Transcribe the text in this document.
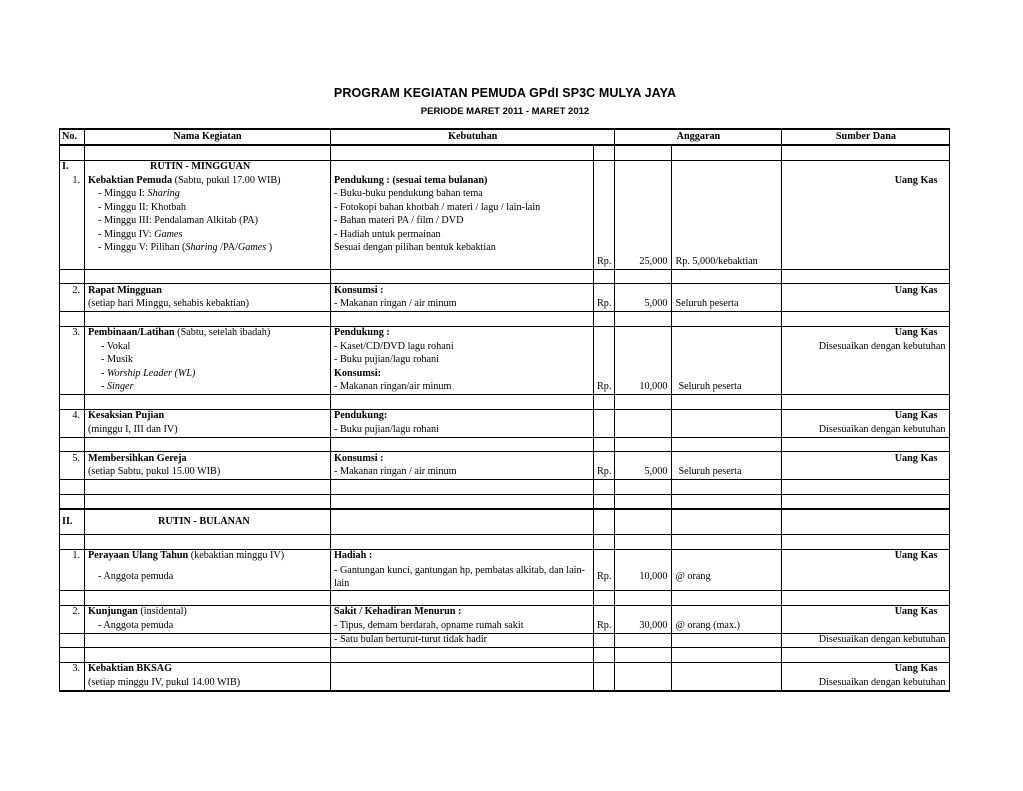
PROGRAM KEGIATAN PEMUDA GPdI SP3C MULYA JAYA
PERIODE MARET 2011 - MARET 2012
No.	Nama Kegiatan	Kebutuhan		Anggaran		Sumber Dana

I.	RUTIN - MINGGUAN					
1.	Kebaktian Pemuda (Sabtu, pukul 17.00 WIB)	Pendukung : (sesuai tema bulanan)				Uang Kas
	- Minggu I: Sharing	- Buku-buku pendukung bahan tema				
	- Minggu II: Khotbah	- Fotokopi bahan khotbah / materi / lagu / lain-lain				
	- Minggu III: Pendalaman Alkitab (PA)	- Bahan materi PA / film / DVD				
	- Minggu IV: Games	- Hadiah untuk permainan				
	- Minggu V: Pilihan (Sharing /PA/Games )	Sesuai dengan pilihan bentuk kebaktian				
			Rp.	25,000	Rp. 5,000/kebaktian	

2.	Rapat Mingguan	Konsumsi :				Uang Kas
	(setiap hari Minggu, sehabis kebaktian)	- Makanan ringan / air minum	Rp.	5,000	Seluruh peserta	

3.	Pembinaan/Latihan (Sabtu, setelah ibadah)	Pendukung :				Uang Kas
	- Vokal	- Kaset/CD/DVD lagu rohani				Disesuaikan dengan kebutuhan
	- Musik	- Buku pujian/lagu rohani				
	- Worship Leader (WL)	Konsumsi:				
	- Singer	- Makanan ringan/air minum	Rp.	10,000	Seluruh peserta	

4.	Kesaksian Pujian	Pendukung:				Uang Kas
	(minggu I, III dan IV)	- Buku pujian/lagu rohani				Disesuaikan dengan kebutuhan

5.	Membersihkan Gereja	Konsumsi :				Uang Kas
	(setiap Sabtu, pukul 15.00 WIB)	- Makanan ringan / air minum	Rp.	5,000	Seluruh peserta	

II.	RUTIN - BULANAN					

1.	Perayaan Ulang Tahun (kebaktian minggu IV)	Hadiah :				Uang Kas
	- Anggota pemuda	- Gantungan kunci, gantungan hp, pembatas alkitab, dan lain-lain	Rp.	10,000	@ orang	

2.	Kunjungan (insidental)	Sakit / Kehadiran Menurun :				Uang Kas
	- Anggota pemuda	- Tipus, demam berdarah, opname rumah sakit	Rp.	30,000	@ orang (max.)	
		- Satu bulan berturut-turut tidak hadir				Disesuaikan dengan kebutuhan

3.	Kebaktian BKSAG					Uang Kas
	(setiap minggu IV, pukul 14.00 WIB)					Disesuaikan dengan kebutuhan
